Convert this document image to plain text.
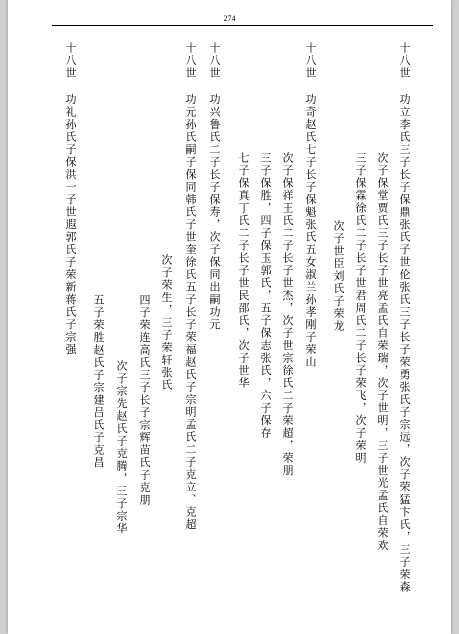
274
十八世功立李氏三子长子保鼎张氏子世伦张氏三子长子荣勇张氏子宗远，次子荣猛卞氏，三子荣森
次子保堂贾氏三子长子世亮孟氏自荣瑞，次子世明，三子世光孟氏自荣欢
三子保霖徐氏二子长子世君周氏二子长子荣飞，次子荣明
次子世臣刘氏子荣龙
十八世功奇赵氏七子长子保魁张氏五女淑兰孙孝刚子荣山
次子保祥王氏二子长子世杰，次子世宗徐氏二子荣超，荣朋
三子保胜，四子保玉郭氏，五子保志张氏，六子保存
七子保真丁氏二子长子世民邵氏，次子世华
十八世功兴鲁氏二子长子保寿，次子保同出嗣功元
十八世功元孙氏嗣子保同韩氏子世奎徐氏五子长子荣福赵氏子宗明孟氏二子克立、克超
次子荣生，三子荣轩张氏
四子荣连高氏三子长子宗辉苗氏子克朋
次子宗先赵氏子克腾，三子宗华
五子荣胜赵氏子宗建吕氏子克昌
十八世功礼孙氏子保洪一子世遐郭氏子荣新蒋氏子宗强
